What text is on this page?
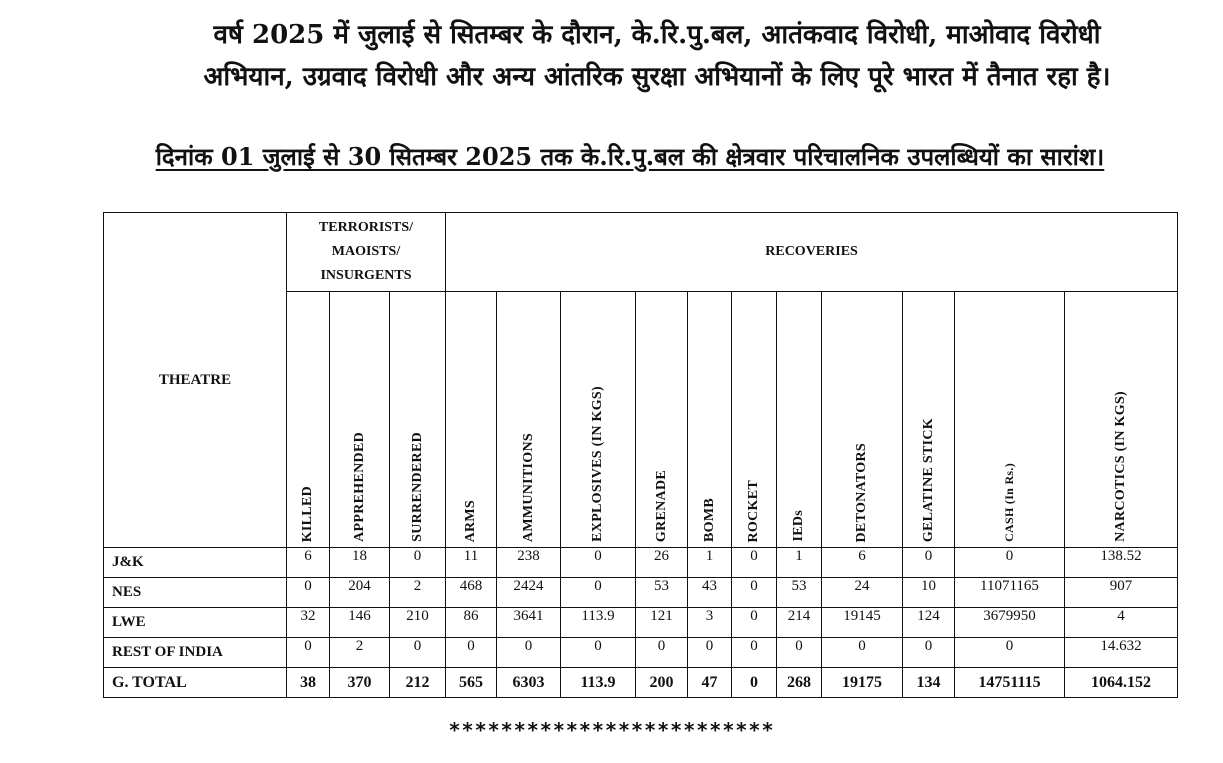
वर्ष 2025 में जुलाई से सितम्बर के दौरान, के.रि.पु.बल, आतंकवाद विरोधी, माओवाद विरोधी
अभियान, उग्रवाद विरोधी और अन्य आंतरिक सुरक्षा अभियानों के लिए पूरे भारत में तैनात रहा है।
दिनांक 01 जुलाई से 30 सितम्बर 2025 तक के.रि.पु.बल की क्षेत्रवार परिचालनिक उपलब्धियों का सारांश।
THEATRE	TERRORISTS/
MAOISTS/
INSURGENTS			RECOVERIES										
	KILLED	APPREHENDED	SURRENDERED	ARMS	AMMUNITIONS	EXPLOSIVES (IN KGS)	GRENADE	BOMB	ROCKET	IEDs	DETONATORS	GELATINE STICK	CASH (In Rs.)	NARCOTICS (IN KGS)
J&K	6	18	0	11	238	0	26	1	0	1	6	0	0	138.52
NES	0	204	2	468	2424	0	53	43	0	53	24	10	11071165	907
LWE	32	146	210	86	3641	113.9	121	3	0	214	19145	124	3679950	4
REST OF INDIA	0	2	0	0	0	0	0	0	0	0	0	0	0	14.632
G. TOTAL	38	370	212	565	6303	113.9	200	47	0	268	19175	134	14751115	1064.152
*************************
